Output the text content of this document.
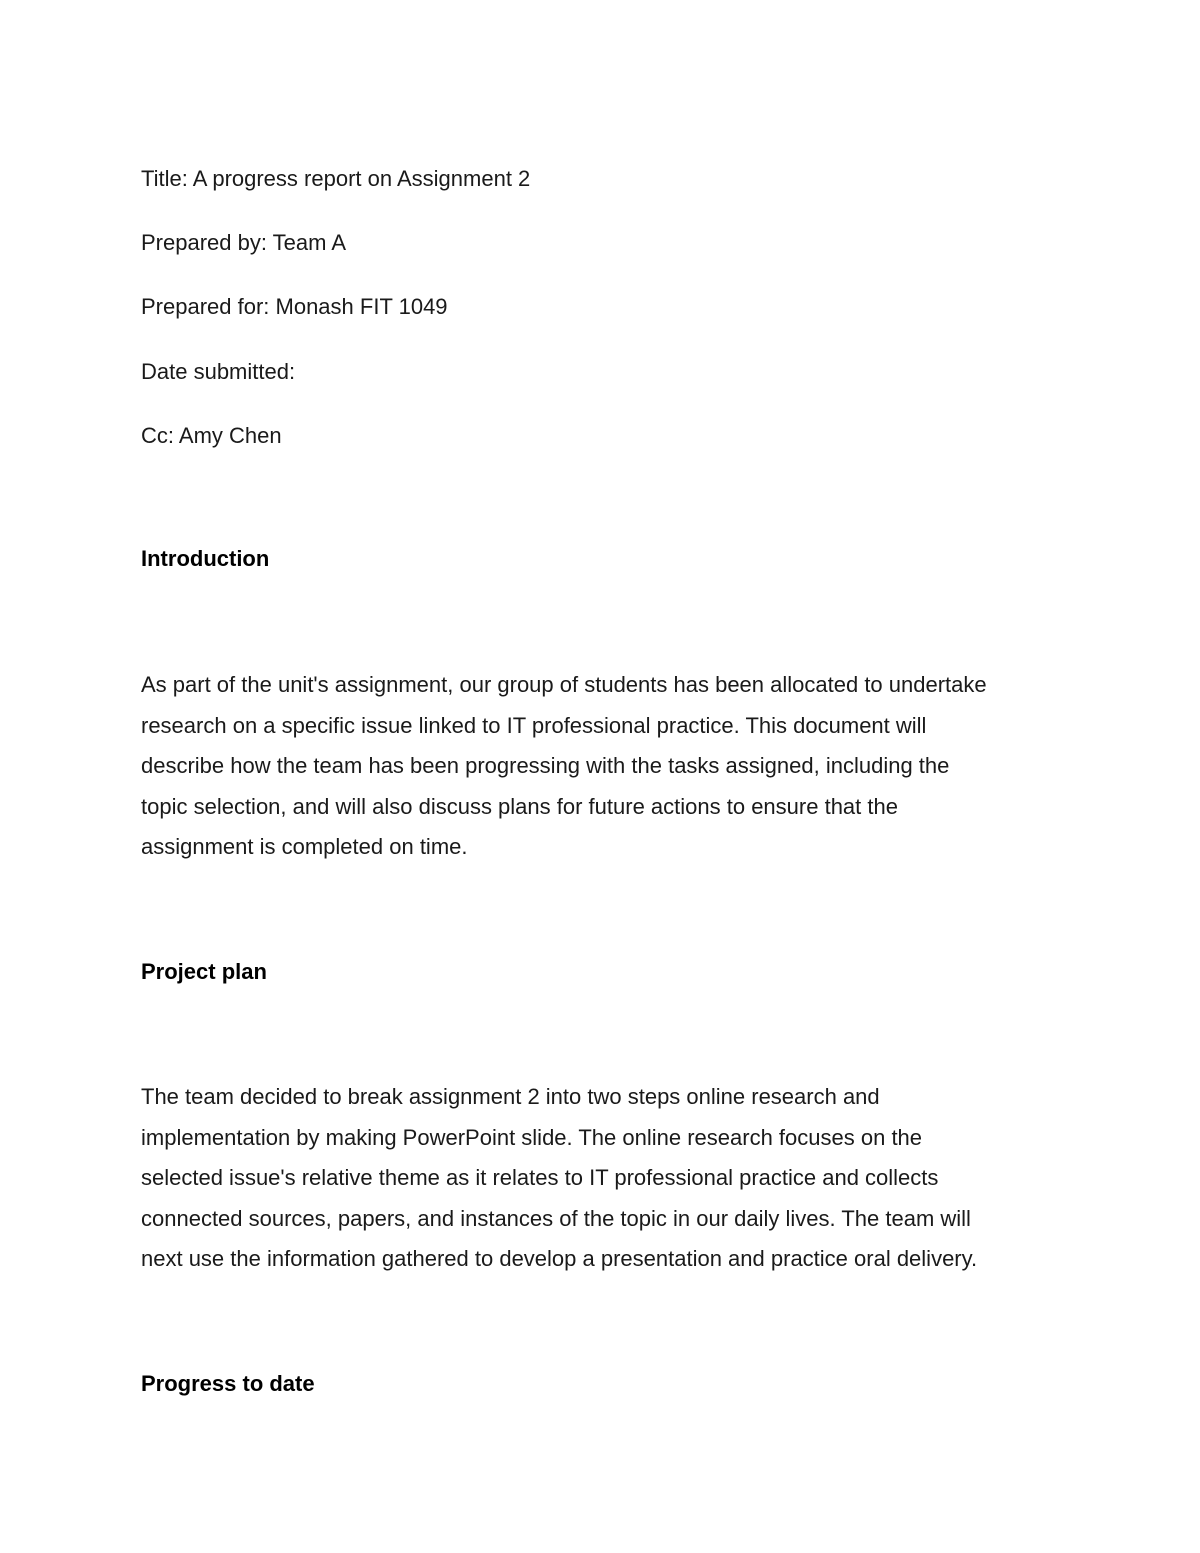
Title: A progress report on Assignment 2
Prepared by: Team A
Prepared for: Monash FIT 1049
Date submitted:
Cc: Amy Chen
Introduction
As part of the unit's assignment, our group of students has been allocated to undertake
research on a specific issue linked to IT professional practice. This document will
describe how the team has been progressing with the tasks assigned, including the
topic selection, and will also discuss plans for future actions to ensure that the
assignment is completed on time.
Project plan
The team decided to break assignment 2 into two steps online research and
implementation by making PowerPoint slide. The online research focuses on the
selected issue's relative theme as it relates to IT professional practice and collects
connected sources, papers, and instances of the topic in our daily lives. The team will
next use the information gathered to develop a presentation and practice oral delivery.
Progress to date
